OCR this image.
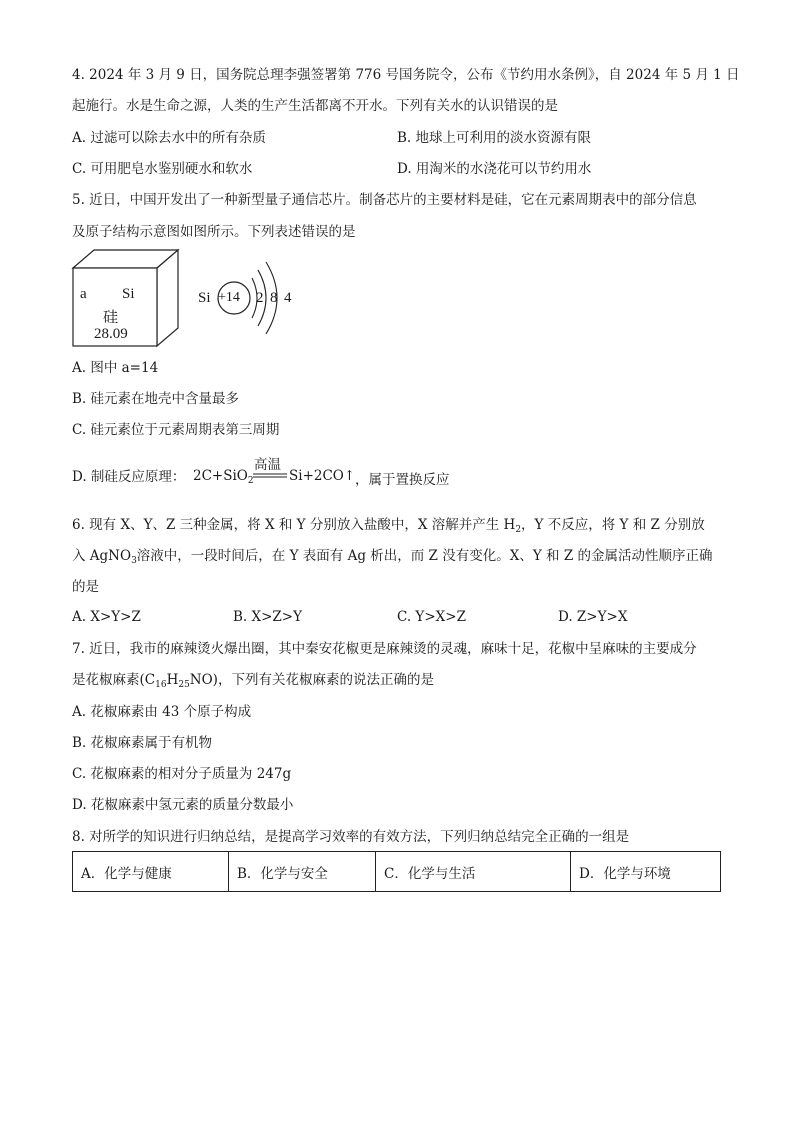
4. 2024 年 3 月 9 日，国务院总理李强签署第 776 号国务院令，公布《节约用水条例》，自 2024 年 5 月 1 日
起施行。水是生命之源，人类的生产生活都离不开水。下列有关水的认识错误的是
A. 过滤可以除去水中的所有杂质	B. 地球上可利用的淡水资源有限
C. 可用肥皂水鉴别硬水和软水	D. 用淘米的水浇花可以节约用水
5. 近日，中国开发出了一种新型量子通信芯片。制备芯片的主要材料是硅，它在元素周期表中的部分信息
及原子结构示意图如图所示。下列表述错误的是
a Si
硅
28.09
Si +14 2 8 4
A. 图中 a=14
B. 硅元素在地壳中含量最多
C. 硅元素位于元素周期表第三周期
D. 制硅反应原理： 2C+SiO$_2$
高温
Si+2CO↑ ，属于置换反应
6. 现有 X、Y、Z 三种金属，将 X 和 Y 分别放入盐酸中，X 溶解并产生 $H_2$，Y 不反应，将 Y 和 Z 分别放
入 AgNO$_3$溶液中，一段时间后，在 Y 表面有 Ag 析出，而 Z 没有变化。X、Y 和 Z 的金属活动性顺序正确
的是
A. X>Y>Z	B. X>Z>Y	C. Y>X>Z	D. Z>Y>X
7. 近日，我市的麻辣烫火爆出圈，其中秦安花椒更是麻辣烫的灵魂，麻味十足，花椒中呈麻味的主要成分
是花椒麻素$(C_{16}H_{25}NO)$，下列有关花椒麻素的说法正确的是
A. 花椒麻素由 43 个原子构成
B. 花椒麻素属于有机物
C. 花椒麻素的相对分子质量为 247g
D. 花椒麻素中氢元素的质量分数最小
8. 对所学的知识进行归纳总结，是提高学习效率的有效方法，下列归纳总结完全正确的一组是
A．化学与健康	B．化学与安全	C．化学与生活	D．化学与环境
